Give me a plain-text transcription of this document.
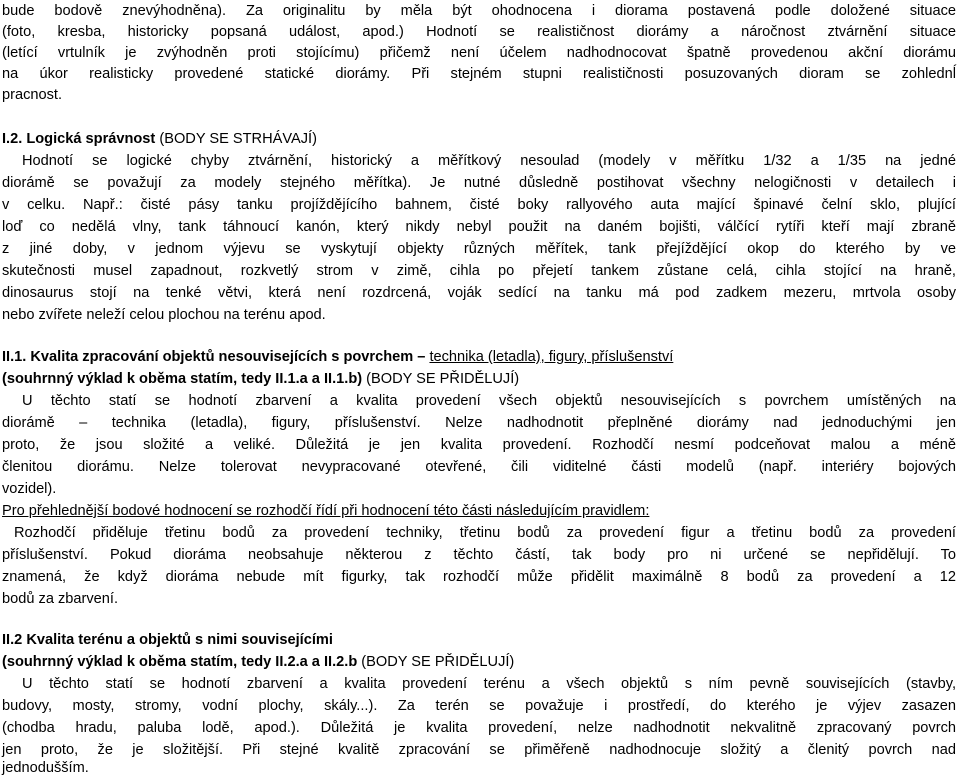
bude bodově znevýhodněna). Za originalitu by měla být ohodnocena i diorama postavená podle doložené situace
(foto, kresba, historicky popsaná událost, apod.) Hodnotí se realističnost diorámy a náročnost ztvárnění situace
(letící vrtulník je zvýhodněn proti stojícímu) přičemž není účelem nadhodnocovat špatně provedenou akční diorámu
na úkor realisticky provedené statické diorámy. Při stejném stupni realističnosti posuzovaných dioram se zohlednĺ
pracnost.
I.2. Logická správnost (BODY SE STRHÁVAJÍ)
Hodnotí se logické chyby ztvárnění, historický a měřítkový nesoulad (modely v měřítku 1/32 a 1/35 na jedné
diorámě se považují za modely stejného měřítka). Je nutné důsledně postihovat všechny nelogičnosti v detailech i
v celku. Např.: čisté pásy tanku projíždějícího bahnem, čisté boky rallyového auta mající špinavé čelní sklo, plující
loď co nedělá vlny, tank táhnoucí kanón, který nikdy nebyl použit na daném bojišti, válčící rytíři kteří mají zbraně
z jiné doby, v jednom výjevu se vyskytují objekty různých měřítek, tank přejíždějící okop do kterého by ve
skutečnosti musel zapadnout, rozkvetlý strom v zimě, cihla po přejetí tankem zůstane celá, cihla stojící na hraně,
dinosaurus stojí na tenké větvi, která není rozdrcená, voják sedící na tanku má pod zadkem mezeru, mrtvola osoby
nebo zvířete neleží celou plochou na terénu apod.
II.1. Kvalita zpracování objektů nesouvisejících s povrchem – technika (letadla), figury, příslušenství
(souhrnný výklad k oběma statím, tedy II.1.a a II.1.b) (BODY SE PŘIDĚLUJÍ)
U těchto statí se hodnotí zbarvení a kvalita provedení všech objektů nesouvisejících s povrchem umístěných na
diorámě – technika (letadla), figury, příslušenství. Nelze nadhodnotit přeplněné diorámy nad jednoduchými jen
proto, že jsou složité a veliké. Důležitá je jen kvalita provedení. Rozhodčí nesmí podceňovat malou a méně
členitou diorámu. Nelze tolerovat nevypracované otevřené, čili viditelné části modelů (např. interiéry bojových
vozidel).
Pro přehlednější bodové hodnocení se rozhodčí řídí při hodnocení této části následujícím pravidlem:
Rozhodčí přiděluje třetinu bodů za provedení techniky, třetinu bodů za provedení figur a třetinu bodů za provedení
příslušenství. Pokud dioráma neobsahuje některou z těchto částí, tak body pro ni určené se nepřidělují. To
znamená, že když dioráma nebude mít figurky, tak rozhodčí může přidělit maximálně 8 bodů za provedení a 12
bodů za zbarvení.
II.2 Kvalita terénu a objektů s nimi souvisejícími
(souhrnný výklad k oběma statím, tedy II.2.a a II.2.b (BODY SE PŘIDĚLUJÍ)
U těchto statí se hodnotí zbarvení a kvalita provedení terénu a všech objektů s ním pevně souvisejících (stavby,
budovy, mosty, stromy, vodní plochy, skály...). Za terén se považuje i prostředí, do kterého je výjev zasazen
(chodba hradu, paluba lodě, apod.). Důležitá je kvalita provedení, nelze nadhodnotit nekvalitně zpracovaný povrch
jen proto, že je složitější. Při stejné kvalitě zpracování se přiměřeně nadhodnocuje složitý a členitý povrch nad
jednodušším.
